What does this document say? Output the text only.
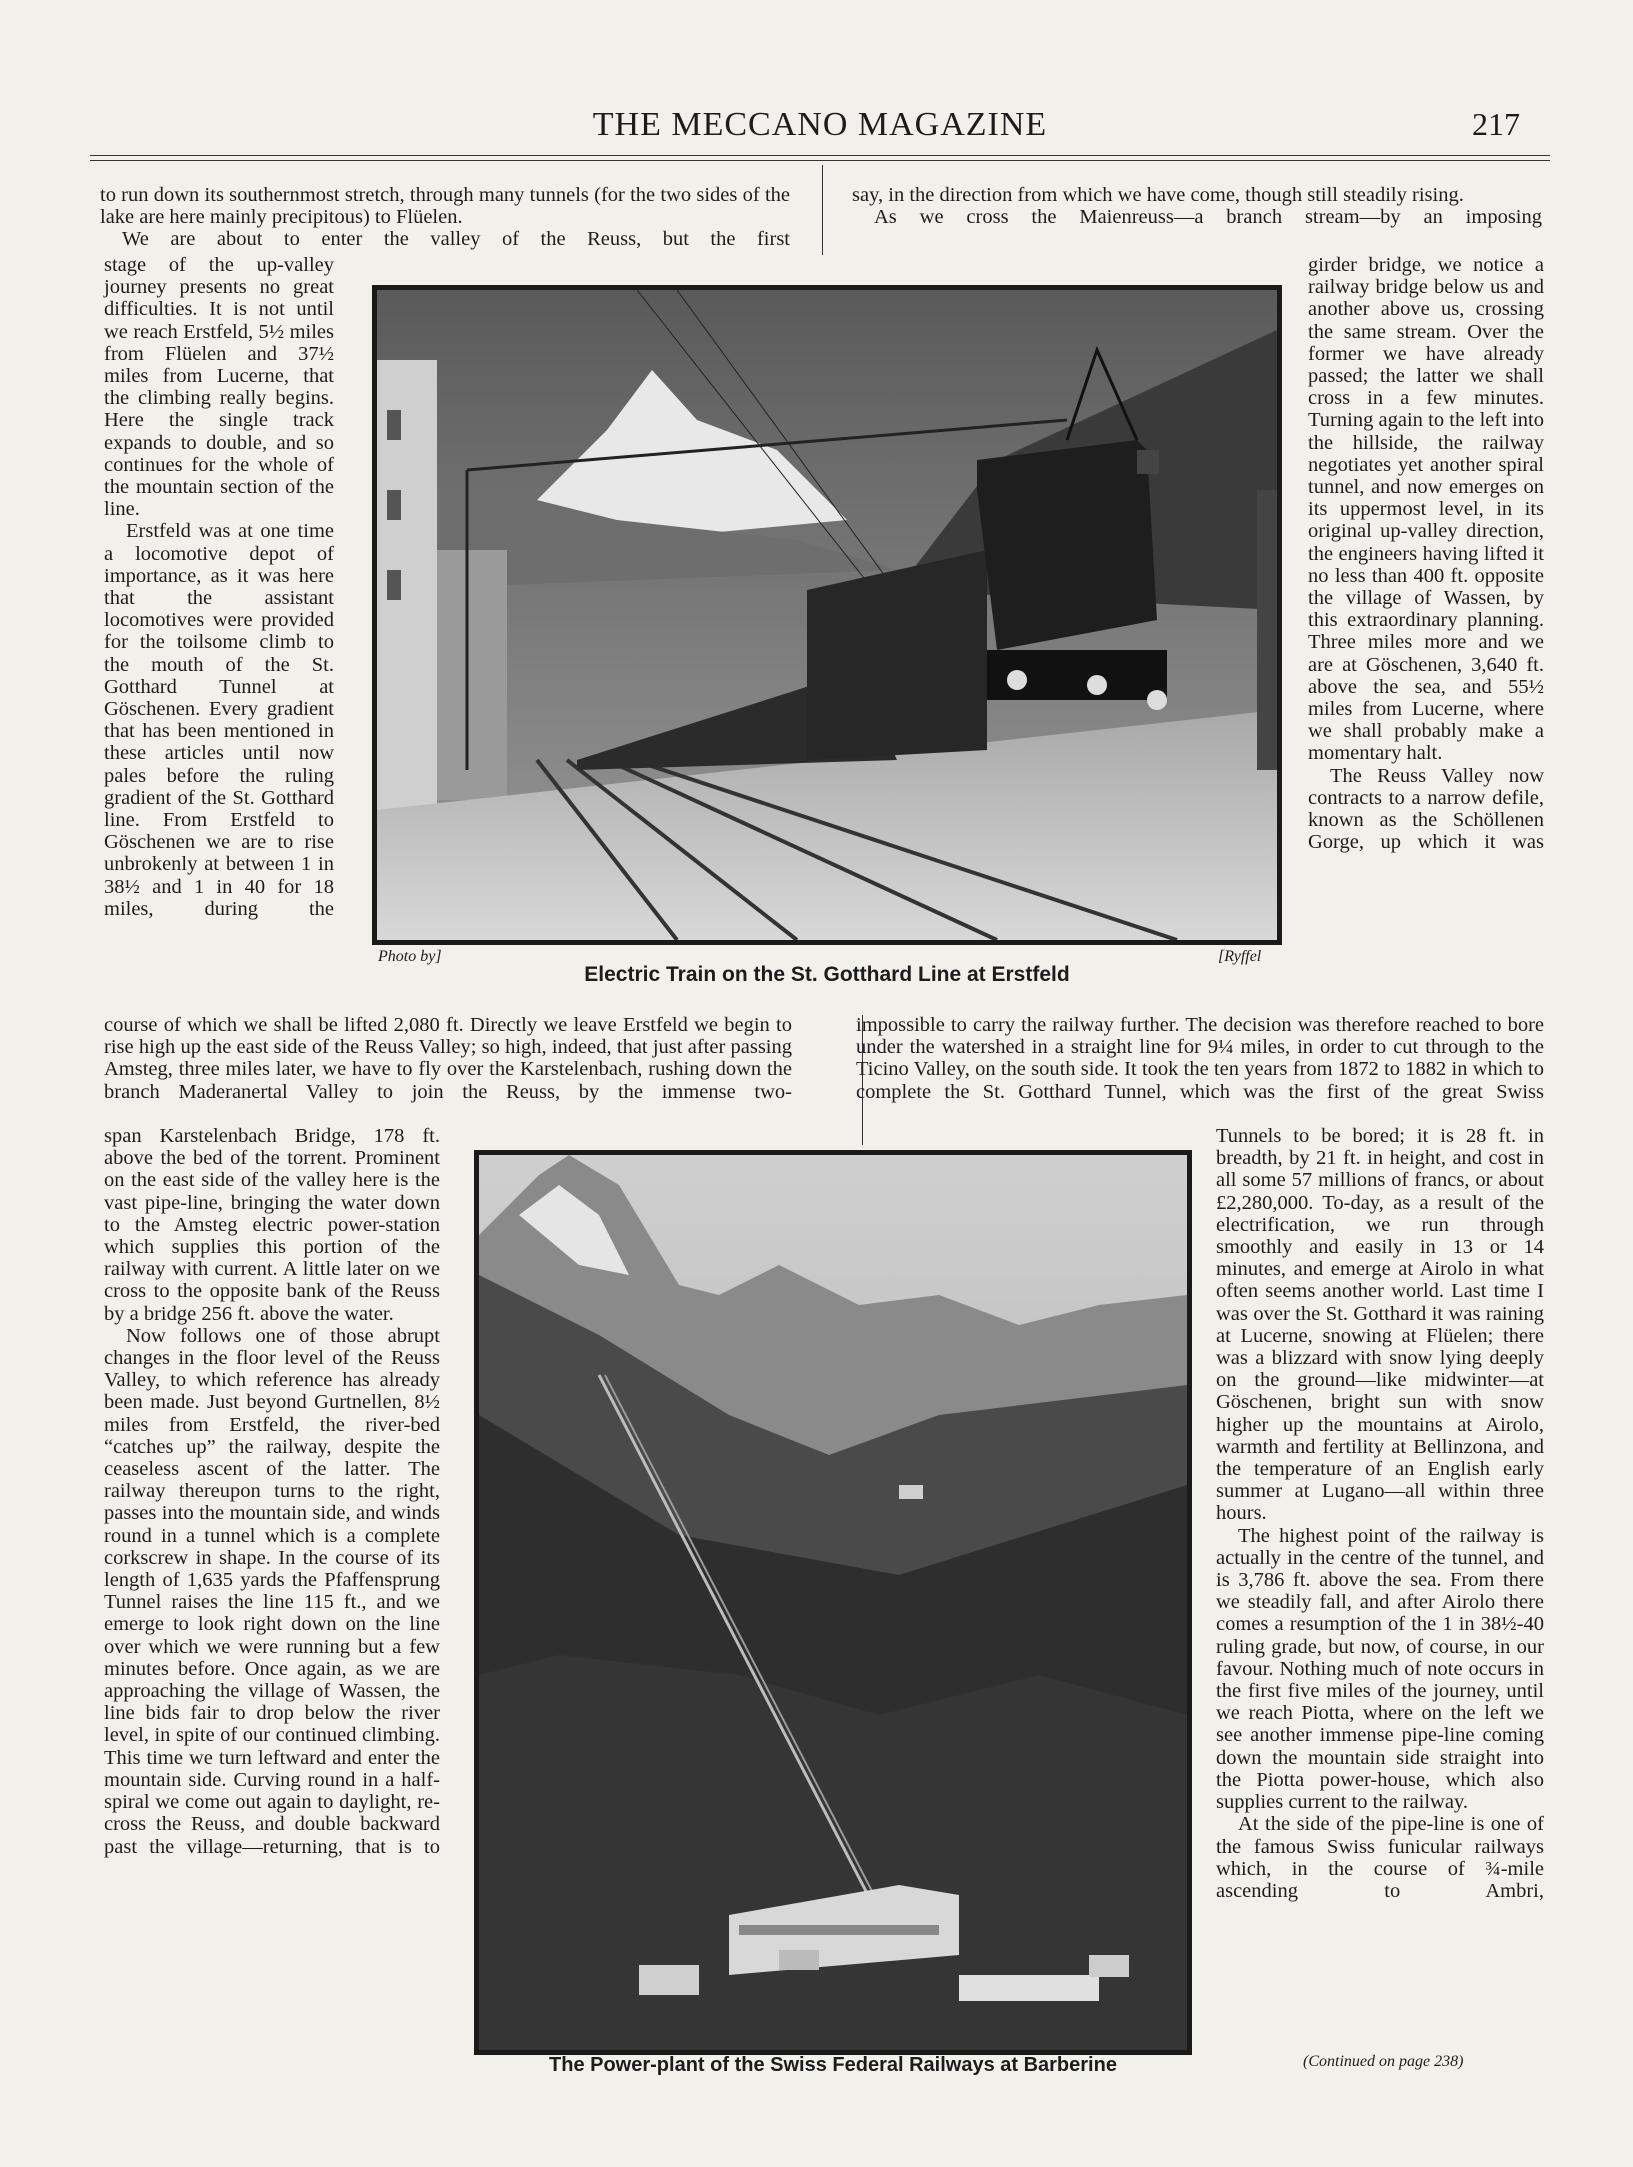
THE MECCANO MAGAZINE	217

to run down its southernmost stretch, through many tunnels (for the two sides of the lake are here mainly precipitous) to Flüelen.

We are about to enter the valley of the Reuss, but the first

stage of the up-valley journey presents no great difficulties. It is not until we reach Erstfeld, 5½ miles from Flüelen and 37½ miles from Lucerne, that the climbing really begins. Here the single track expands to double, and so continues for the whole of the mountain section of the line.

Erstfeld was at one time a locomotive depot of importance, as it was here that the assistant locomotives were provided for the toilsome climb to the mouth of the St. Gotthard Tunnel at Göschenen. Every gradient that has been mentioned in these articles until now pales before the ruling gradient of the St. Gotthard line. From Erstfeld to Göschenen we are to rise unbrokenly at between 1 in 38½ and 1 in 40 for 18 miles, during the

course of which we shall be lifted 2,080 ft. Directly we leave Erstfeld we begin to rise high up the east side of the Reuss Valley; so high, indeed, that just after passing Amsteg, three miles later, we have to fly over the Karstelenbach, rushing down the branch Maderanertal Valley to join the Reuss, by the immense two-

span Karstelenbach Bridge, 178 ft. above the bed of the torrent. Prominent on the east side of the valley here is the vast pipe-line, bringing the water down to the Amsteg electric power-station which supplies this portion of the railway with current. A little later on we cross to the opposite bank of the Reuss by a bridge 256 ft. above the water.

Now follows one of those abrupt changes in the floor level of the Reuss Valley, to which reference has already been made. Just beyond Gurtnellen, 8½ miles from Erstfeld, the river-bed “catches up” the railway, despite the ceaseless ascent of the latter. The railway thereupon turns to the right, passes into the mountain side, and winds round in a tunnel which is a complete corkscrew in shape. In the course of its length of 1,635 yards the Pfaffensprung Tunnel raises the line 115 ft., and we emerge to look right down on the line over which we were running but a few minutes before. Once again, as we are approaching the village of Wassen, the line bids fair to drop below the river level, in spite of our continued climbing. This time we turn leftward and enter the mountain side. Curving round in a half-spiral we come out again to daylight, re-cross the Reuss, and double backward past the village—returning, that is to

say, in the direction from which we have come, though still steadily rising.

As we cross the Maienreuss—a branch stream—by an imposing

girder bridge, we notice a railway bridge below us and another above us, crossing the same stream. Over the former we have already passed; the latter we shall cross in a few minutes. Turning again to the left into the hillside, the railway negotiates yet another spiral tunnel, and now emerges on its uppermost level, in its original up-valley direction, the engineers having lifted it no less than 400 ft. opposite the village of Wassen, by this extraordinary planning. Three miles more and we are at Göschenen, 3,640 ft. above the sea, and 55½ miles from Lucerne, where we shall probably make a momentary halt.

The Reuss Valley now contracts to a narrow defile, known as the Schöllenen Gorge, up which it was

impossible to carry the railway further. The decision was therefore reached to bore under the watershed in a straight line for 9¼ miles, in order to cut through to the Ticino Valley, on the south side. It took the ten years from 1872 to 1882 in which to complete the St. Gotthard Tunnel, which was the first of the great Swiss

Tunnels to be bored; it is 28 ft. in breadth, by 21 ft. in height, and cost in all some 57 millions of francs, or about £2,280,000. To-day, as a result of the electrification, we run through smoothly and easily in 13 or 14 minutes, and emerge at Airolo in what often seems another world. Last time I was over the St. Gotthard it was raining at Lucerne, snowing at Flüelen; there was a blizzard with snow lying deeply on the ground—like midwinter—at Göschenen, bright sun with snow higher up the mountains at Airolo, warmth and fertility at Bellinzona, and the temperature of an English early summer at Lugano—all within three hours.

The highest point of the railway is actually in the centre of the tunnel, and is 3,786 ft. above the sea. From there we steadily fall, and after Airolo there comes a resumption of the 1 in 38½-40 ruling grade, but now, of course, in our favour. Nothing much of note occurs in the first five miles of the journey, until we reach Piotta, where on the left we see another immense pipe-line coming down the mountain side straight into the Piotta power-house, which also supplies current to the railway.

At the side of the pipe-line is one of the famous Swiss funicular railways which, in the course of ¾-mile ascending to Ambri,

Photo by]	[Ryffel
Electric Train on the St. Gotthard Line at Erstfeld
The Power-plant of the Swiss Federal Railways at Barberine	(Continued on page 238)
